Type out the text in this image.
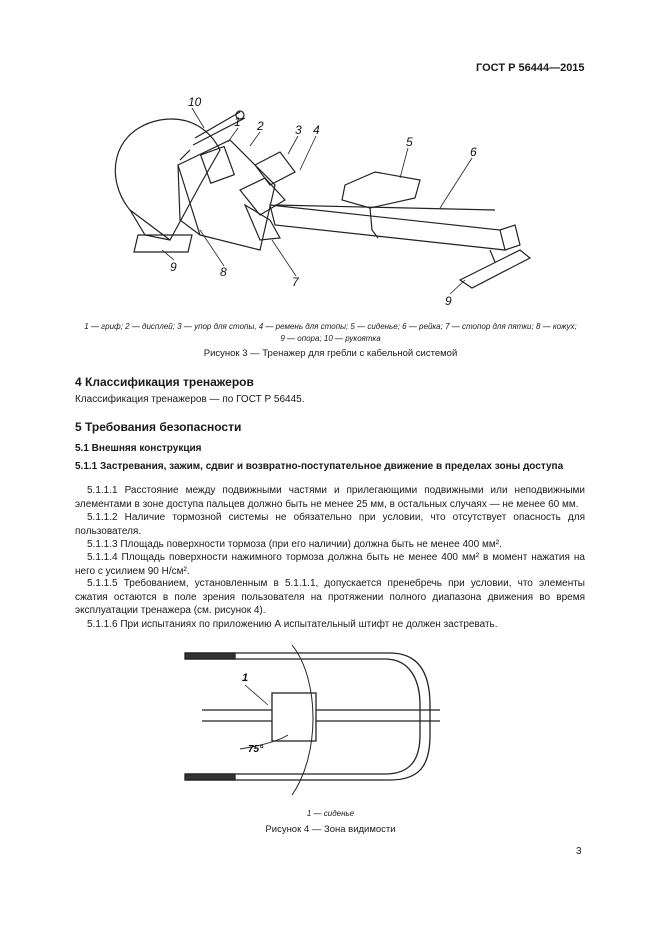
ГОСТ Р 56444—2015
10
1 2	3 4
5
6
9	8
7
9
1 — гриф; 2 — дисплей; 3 — упор для стопы, 4 — ремень для стопы; 5 — сиденье; 6 — рейка; 7 — стопор для пятки; 8 — кожух;
9 — опора; 10 — рукоятка
Рисунок 3 — Тренажер для гребли с кабельной системой
4 Классификация тренажеров
Классификация тренажеров — по ГОСТ Р 56445.
5 Требования безопасности
5.1 Внешняя конструкция
5.1.1 Застревания, зажим, сдвиг и возвратно-поступательное движение в пределах зоны доступа
5.1.1.1 Расстояние между подвижными частями и прилегающими подвижными или неподвижными элементами в зоне доступа пальцев должно быть не менее 25 мм, в остальных случаях — не менее 60 мм.
5.1.1.2 Наличие тормозной системы не обязательно при условии, что отсутствует опасность для пользователя.
5.1.1.3 Площадь поверхности тормоза (при его наличии) должна быть не менее 400 мм².
5.1.1.4 Площадь поверхности нажимного тормоза должна быть не менее 400 мм² в момент нажатия на него с усилием 90 Н/см².
5.1.1.5 Требованием, установленным в 5.1.1.1, допускается пренебречь при условии, что элементы сжатия остаются в поле зрения пользователя на протяжении полного диапазона движения во время эксплуатации тренажера (см. рисунок 4).
5.1.1.6 При испытаниях по приложению А испытательный штифт не должен застревать.
1
75°
1 — сиденье
Рисунок 4 — Зона видимости
3
